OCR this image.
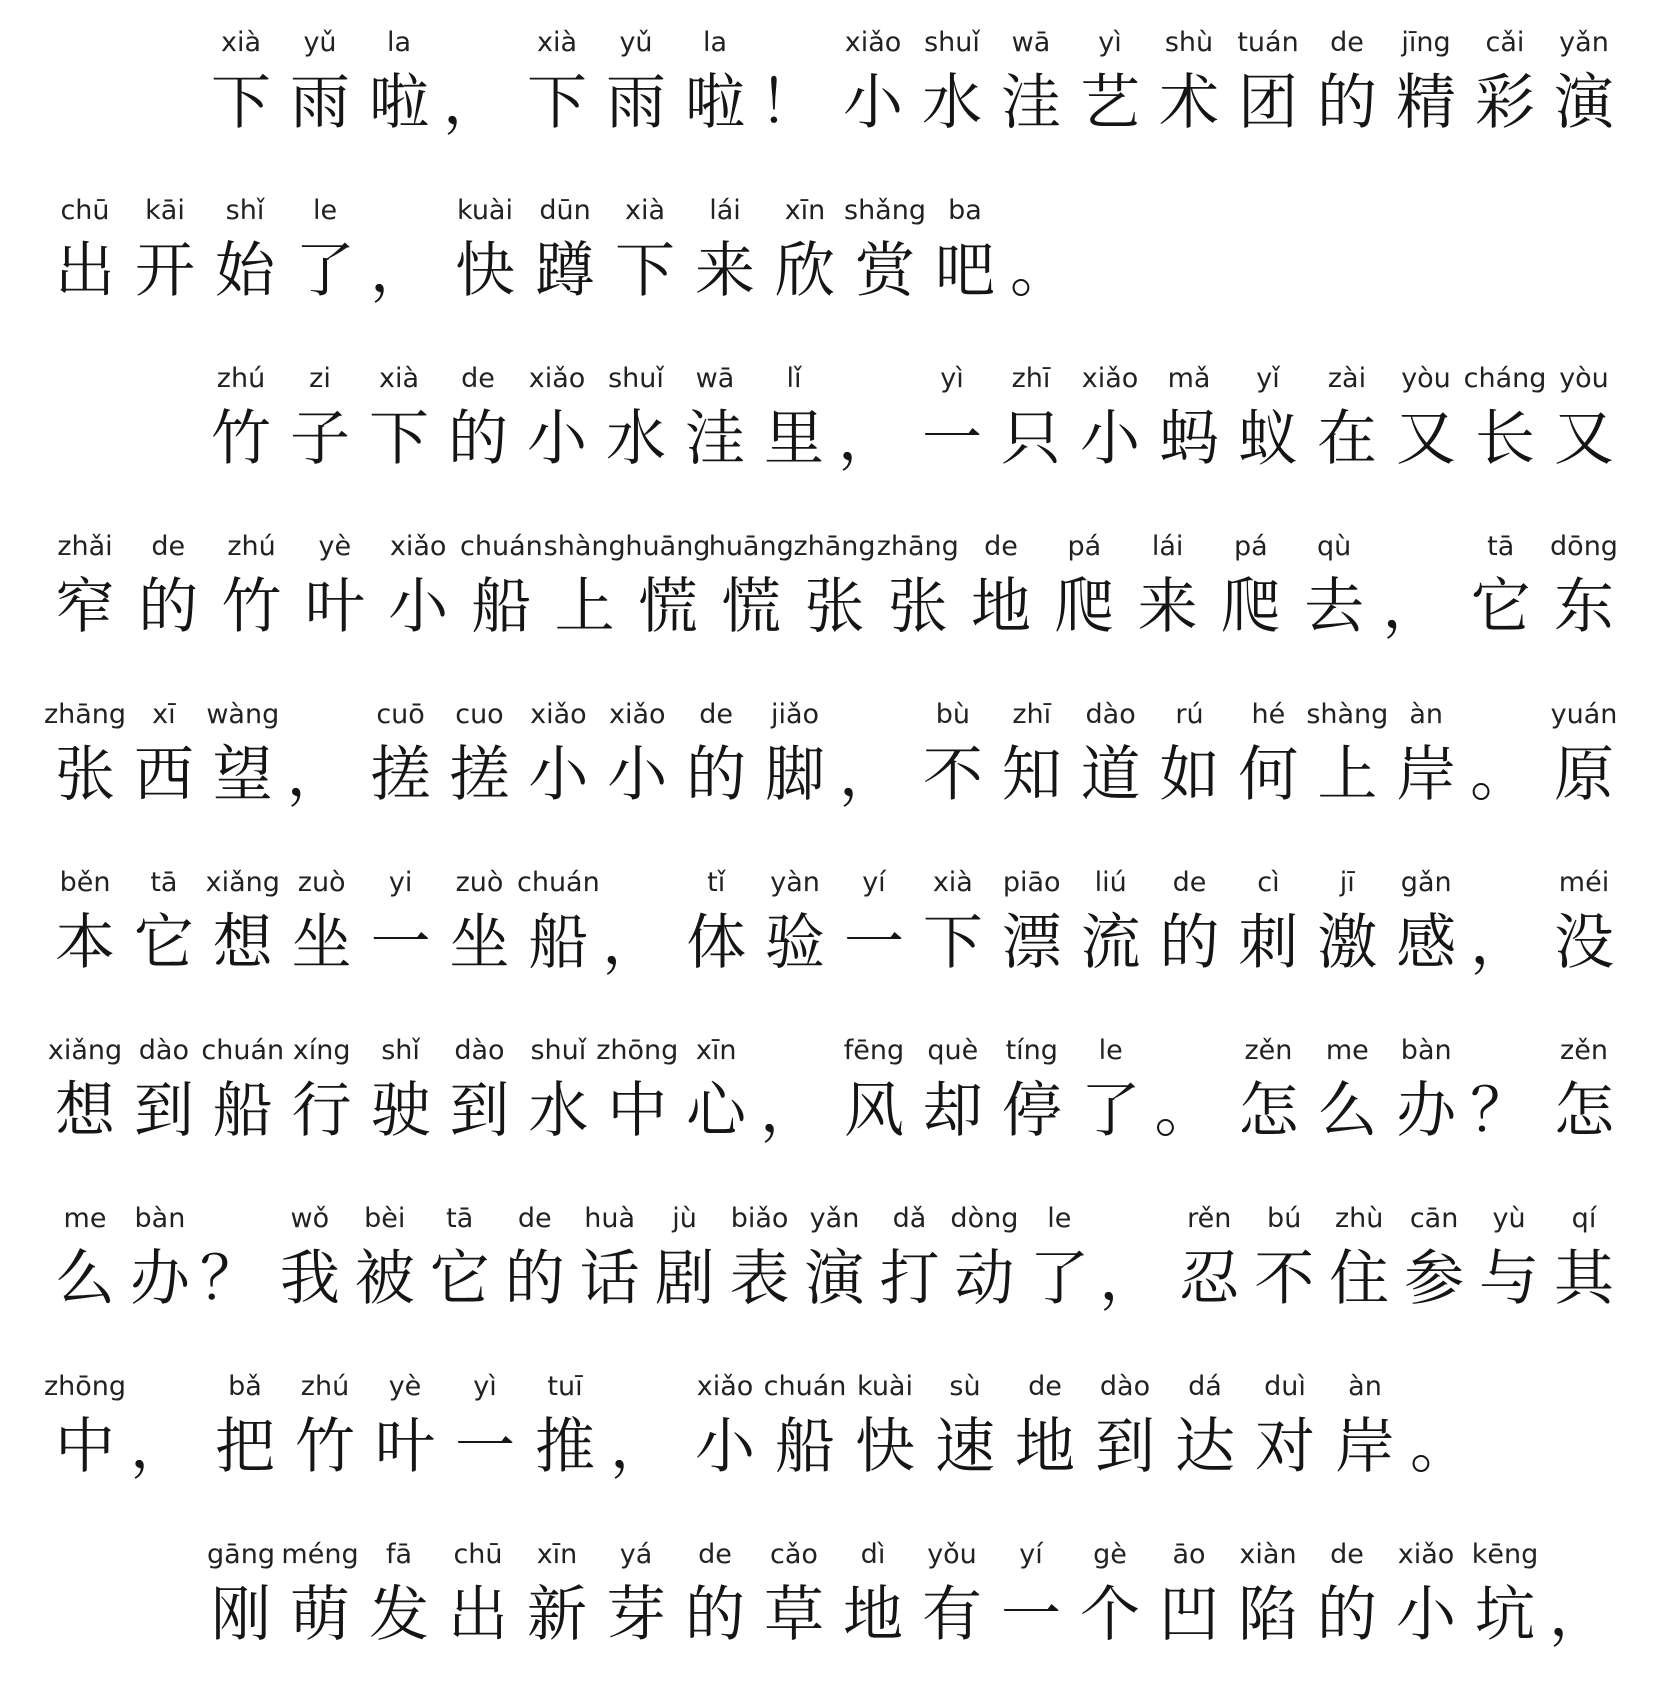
xià
下
yǔ
雨
la
啦 ，
xià
下
yǔ
雨
la
啦 ！
xiǎo
小
shuǐ
水
wā
洼
yì
艺
shù
术
tuán
团
de
的
jīng
精
cǎi
彩
yǎn
演
chū
出
kāi
开
shǐ
始
le
了 ，
kuài
快
dūn
蹲
xià
下
lái
来
xīn
欣
shǎng
赏
ba
吧 。
zhú
竹
zi
子
xià
下
de
的
xiǎo
小
shuǐ
水
wā
洼
lǐ
里 ，
yì
一
zhī
只
xiǎo
小
mǎ
蚂
yǐ
蚁
zài
在
yòu
又
cháng
长
yòu
又
zhǎi
窄
de
的
zhú
竹
yè
叶
xiǎo
小
chuán
船
shàng
上
huāng
慌
huāng
慌
zhāng
张
zhāng
张
de
地
pá
爬
lái
来
pá
爬
qù
去 ，
tā
它
dōng
东
zhāng
张
xī
西
wàng
望 ，
cuō
搓
cuo
搓
xiǎo
小
xiǎo
小
de
的
jiǎo
脚 ，
bù
不
zhī
知
dào
道
rú
如
hé
何
shàng
上
àn
岸 。
yuán
原
běn
本
tā
它
xiǎng
想
zuò
坐
yi
一
zuò
坐
chuán
船 ，
tǐ
体
yàn
验
yí
一
xià
下
piāo
漂
liú
流
de
的
cì
刺
jī
激
gǎn
感 ，
méi
没
xiǎng
想
dào
到
chuán
船
xíng
行
shǐ
驶
dào
到
shuǐ
水
zhōng
中
xīn
心 ，
fēng
风
què
却
tíng
停
le
了 。
zěn
怎
me
么
bàn
办 ？
zěn
怎
me
么
bàn
办 ？
wǒ
我
bèi
被
tā
它
de
的
huà
话
jù
剧
biǎo
表
yǎn
演
dǎ
打
dòng
动
le
了 ，
rěn
忍
bú
不
zhù
住
cān
参
yù
与
qí
其
zhōng
中 ，
bǎ
把
zhú
竹
yè
叶
yì
一
tuī
推 ，
xiǎo
小
chuán
船
kuài
快
sù
速
de
地
dào
到
dá
达
duì
对
àn
岸 。
gāng
刚
méng
萌
fā
发
chū
出
xīn
新
yá
芽
de
的
cǎo
草
dì
地
yǒu
有
yí
一
gè
个
āo
凹
xiàn
陷
de
的
xiǎo
小
kēng
坑 ，
